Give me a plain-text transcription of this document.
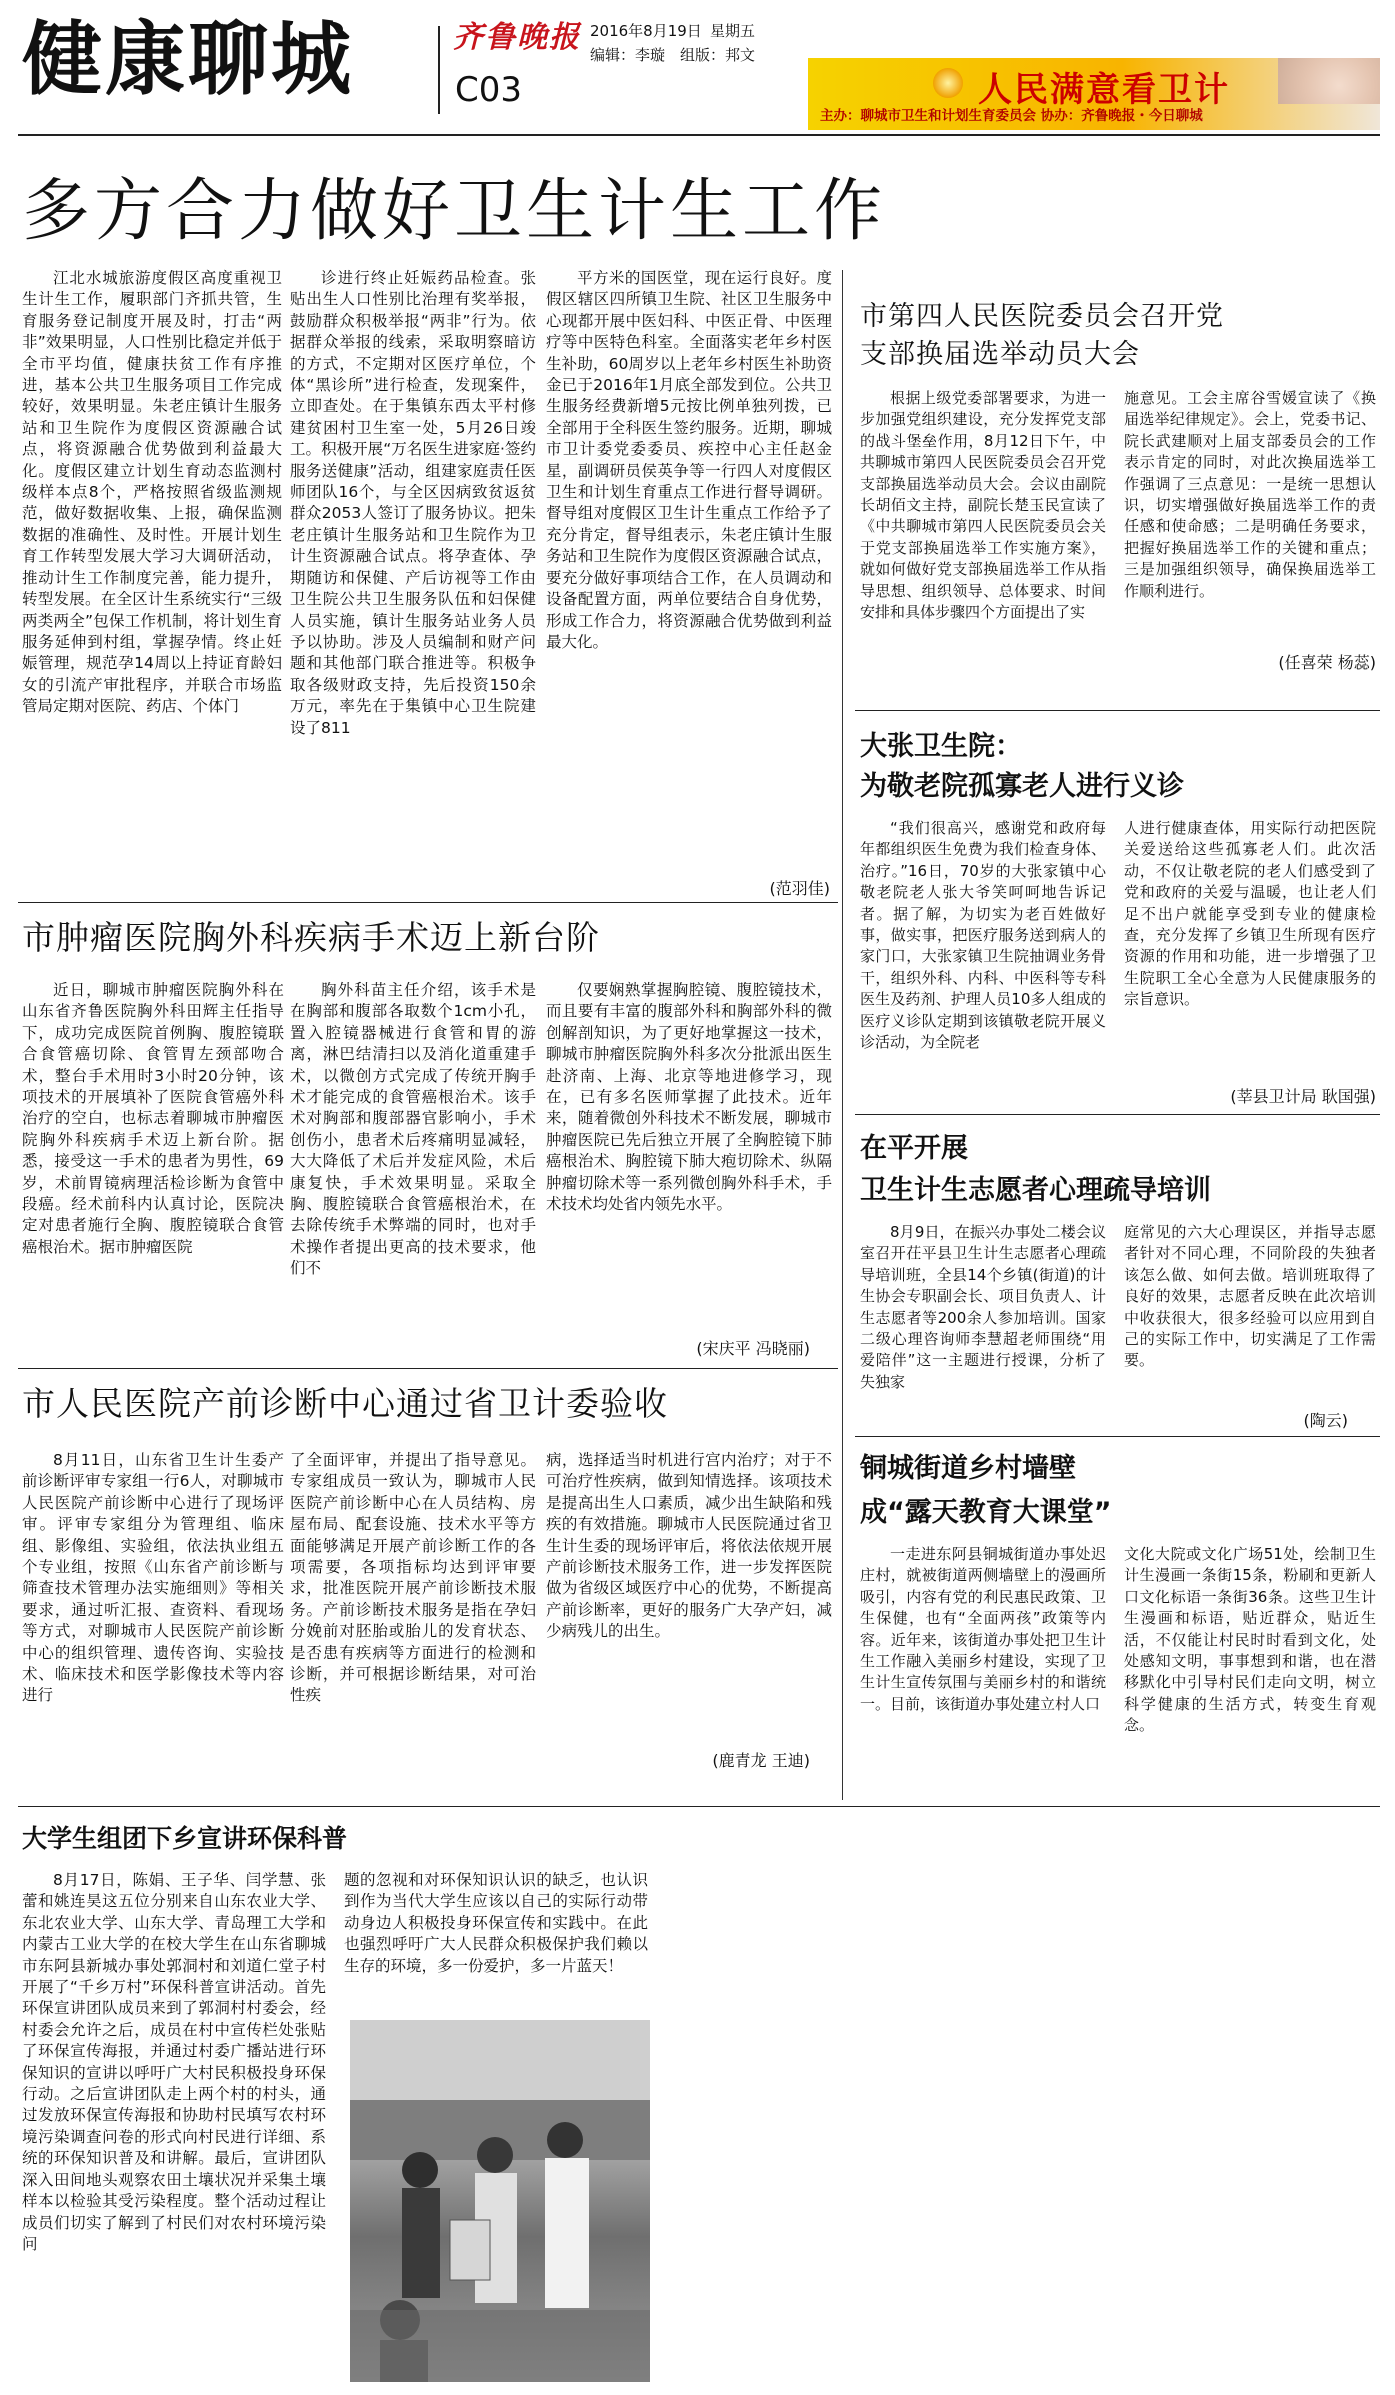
健康聊城	齐鲁晚报 2016年8月19日 星期五
编辑：李璇 组版：邦文
C03	人民满意看卫计
主办：聊城市卫生和计划生育委员会 协办：齐鲁晚报・今日聊城
多方合力做好卫生计生工作
江北水城旅游度假区高度重视卫生计生工作，履职部门齐抓共管，生育服务登记制度开展及时，打击“两非”效果明显，人口性别比稳定并低于全市平均值，健康扶贫工作有序推进，基本公共卫生服务项目工作完成较好，效果明显。朱老庄镇计生服务站和卫生院作为度假区资源融合试点，将资源融合优势做到利益最大化。度假区建立计划生育动态监测村级样本点8个，严格按照省级监测规范，做好数据收集、上报，确保监测数据的准确性、及时性。开展计划生育工作转型发展大学习大调研活动，推动计生工作制度完善，能力提升，转型发展。在全区计生系统实行“三级两类两全”包保工作机制，将计划生育服务延伸到村组，掌握孕情。终止妊娠管理，规范孕14周以上持证育龄妇女的引流产审批程序，并联合市场监管局定期对医院、药店、个体门
诊进行终止妊娠药品检查。张贴出生人口性别比治理有奖举报，鼓励群众积极举报“两非”行为。依据群众举报的线索，采取明察暗访的方式，不定期对区医疗单位，个体“黑诊所”进行检查，发现案件，立即查处。在于集镇东西太平村修建贫困村卫生室一处，5月26日竣工。积极开展“万名医生进家庭·签约服务送健康”活动，组建家庭责任医师团队16个，与全区因病致贫返贫群众2053人签订了服务协议。把朱老庄镇计生服务站和卫生院作为卫计生资源融合试点。将孕查体、孕期随访和保健、产后访视等工作由卫生院公共卫生服务队伍和妇保健人员实施，镇计生服务站业务人员予以协助。涉及人员编制和财产问题和其他部门联合推进等。积极争取各级财政支持，先后投资150余万元，率先在于集镇中心卫生院建设了811
平方米的国医堂，现在运行良好。度假区辖区四所镇卫生院、社区卫生服务中心现都开展中医妇科、中医正骨、中医理疗等中医特色科室。全面落实老年乡村医生补助，60周岁以上老年乡村医生补助资金已于2016年1月底全部发到位。公共卫生服务经费新增5元按比例单独列拨，已全部用于全科医生签约服务。近期，聊城市卫计委党委委员、疾控中心主任赵金星，副调研员侯英争等一行四人对度假区卫生和计划生育重点工作进行督导调研。督导组对度假区卫生计生重点工作给予了充分肯定，督导组表示，朱老庄镇计生服务站和卫生院作为度假区资源融合试点，要充分做好事项结合工作，在人员调动和设备配置方面，两单位要结合自身优势，形成工作合力，将资源融合优势做到利益最大化。
(范羽佳)
市第四人民医院委员会召开党支部换届选举动员大会
根据上级党委部署要求，为进一步加强党组织建设，充分发挥党支部的战斗堡垒作用，8月12日下午，中共聊城市第四人民医院委员会召开党支部换届选举动员大会。会议由副院长胡佰文主持，副院长楚玉民宣读了《中共聊城市第四人民医院委员会关于党支部换届选举工作实施方案》，就如何做好党支部换届选举工作从指导思想、组织领导、总体要求、时间安排和具体步骤四个方面提出了实
施意见。工会主席谷雪媛宣读了《换届选举纪律规定》。会上，党委书记、院长武建顺对上届支部委员会的工作表示肯定的同时，对此次换届选举工作强调了三点意见：一是统一思想认识，切实增强做好换届选举工作的责任感和使命感；二是明确任务要求，把握好换届选举工作的关键和重点；三是加强组织领导，确保换届选举工作顺利进行。
(任喜荣 杨蕊)
大张卫生院：
为敬老院孤寡老人进行义诊
“我们很高兴，感谢党和政府每年都组织医生免费为我们检查身体、治疗。”16日，70岁的大张家镇中心敬老院老人张大爷笑呵呵地告诉记者。据了解，为切实为老百姓做好事，做实事，把医疗服务送到病人的家门口，大张家镇卫生院抽调业务骨干，组织外科、内科、中医科等专科医生及药剂、护理人员10多人组成的医疗义诊队定期到该镇敬老院开展义诊活动，为全院老
人进行健康查体，用实际行动把医院关爱送给这些孤寡老人们。此次活动，不仅让敬老院的老人们感受到了党和政府的关爱与温暖，也让老人们足不出户就能享受到专业的健康检查，充分发挥了乡镇卫生所现有医疗资源的作用和功能，进一步增强了卫生院职工全心全意为人民健康服务的宗旨意识。
(莘县卫计局 耿国强)
在平开展
卫生计生志愿者心理疏导培训
8月9日，在振兴办事处二楼会议室召开茌平县卫生计生志愿者心理疏导培训班，全县14个乡镇(街道)的计生协会专职副会长、项目负责人、计生志愿者等200余人参加培训。国家二级心理咨询师李慧超老师围绕“用爱陪伴”这一主题进行授课，分析了失独家
庭常见的六大心理误区，并指导志愿者针对不同心理，不同阶段的失独者该怎么做、如何去做。培训班取得了良好的效果，志愿者反映在此次培训中收获很大，很多经验可以应用到自己的实际工作中，切实满足了工作需要。
(陶云)
铜城街道乡村墙壁
成“露天教育大课堂”
一走进东阿县铜城街道办事处迟庄村，就被街道两侧墙壁上的漫画所吸引，内容有党的利民惠民政策、卫生保健，也有“全面两孩”政策等内容。近年来，该街道办事处把卫生计生工作融入美丽乡村建设，实现了卫生计生宣传氛围与美丽乡村的和谐统一。目前，该街道办事处建立村人口
文化大院或文化广场51处，绘制卫生计生漫画一条街15条，粉刷和更新人口文化标语一条街36条。这些卫生计生漫画和标语，贴近群众，贴近生活，不仅能让村民时时看到文化，处处感知文明，事事想到和谐，也在潜移默化中引导村民们走向文明，树立科学健康的生活方式，转变生育观念。
市肿瘤医院胸外科疾病手术迈上新台阶
近日，聊城市肿瘤医院胸外科在山东省齐鲁医院胸外科田辉主任指导下，成功完成医院首例胸、腹腔镜联合食管癌切除、食管胃左颈部吻合术，整台手术用时3小时20分钟，该项技术的开展填补了医院食管癌外科治疗的空白，也标志着聊城市肿瘤医院胸外科疾病手术迈上新台阶。据悉，接受这一手术的患者为男性，69岁，术前胃镜病理活检诊断为食管中段癌。经术前科内认真讨论，医院决定对患者施行全胸、腹腔镜联合食管癌根治术。据市肿瘤医院
胸外科苗主任介绍，该手术是在胸部和腹部各取数个1cm小孔，置入腔镜器械进行食管和胃的游离，淋巴结清扫以及消化道重建手术，以微创方式完成了传统开胸手术才能完成的食管癌根治术。该手术对胸部和腹部器官影响小，手术创伤小，患者术后疼痛明显减轻，大大降低了术后并发症风险，术后康复快，手术效果明显。采取全胸、腹腔镜联合食管癌根治术，在去除传统手术弊端的同时，也对手术操作者提出更高的技术要求，他们不
仅要娴熟掌握胸腔镜、腹腔镜技术，而且要有丰富的腹部外科和胸部外科的微创解剖知识，为了更好地掌握这一技术，聊城市肿瘤医院胸外科多次分批派出医生赴济南、上海、北京等地进修学习，现在，已有多名医师掌握了此技术。近年来，随着微创外科技术不断发展，聊城市肿瘤医院已先后独立开展了全胸腔镜下肺癌根治术、胸腔镜下肺大疱切除术、纵隔肿瘤切除术等一系列微创胸外科手术，手术技术均处省内领先水平。
(宋庆平 冯晓丽)
市人民医院产前诊断中心通过省卫计委验收
8月11日，山东省卫生计生委产前诊断评审专家组一行6人，对聊城市人民医院产前诊断中心进行了现场评审。评审专家组分为管理组、临床组、影像组、实验组，依法执业组五个专业组，按照《山东省产前诊断与筛查技术管理办法实施细则》等相关要求，通过听汇报、查资料、看现场等方式，对聊城市人民医院产前诊断中心的组织管理、遗传咨询、实验技术、临床技术和医学影像技术等内容进行
了全面评审，并提出了指导意见。专家组成员一致认为，聊城市人民医院产前诊断中心在人员结构、房屋布局、配套设施、技术水平等方面能够满足开展产前诊断工作的各项需要，各项指标均达到评审要求，批准医院开展产前诊断技术服务。产前诊断技术服务是指在孕妇分娩前对胚胎或胎儿的发育状态、是否患有疾病等方面进行的检测和诊断，并可根据诊断结果，对可治性疾
病，选择适当时机进行宫内治疗；对于不可治疗性疾病，做到知情选择。该项技术是提高出生人口素质，减少出生缺陷和残疾的有效措施。聊城市人民医院通过省卫生计生委的现场评审后，将依法依规开展产前诊断技术服务工作，进一步发挥医院做为省级区域医疗中心的优势，不断提高产前诊断率，更好的服务广大孕产妇，减少病残儿的出生。
(鹿青龙 王迪)
大学生组团下乡宣讲环保科普
8月17日，陈娟、王子华、闫学慧、张蕾和姚连昊这五位分别来自山东农业大学、东北农业大学、山东大学、青岛理工大学和内蒙古工业大学的在校大学生在山东省聊城市东阿县新城办事处郭洞村和刘道仁堂子村开展了“千乡万村”环保科普宣讲活动。首先环保宣讲团队成员来到了郭洞村村委会，经村委会允许之后，成员在村中宣传栏处张贴了环保宣传海报，并通过村委广播站进行环保知识的宣讲以呼吁广大村民积极投身环保行动。之后宣讲团队走上两个村的村头，通过发放环保宣传海报和协助村民填写农村环境污染调查问卷的形式向村民进行详细、系统的环保知识普及和讲解。最后，宣讲团队深入田间地头观察农田土壤状况并采集土壤样本以检验其受污染程度。整个活动过程让成员们切实了解到了村民们对农村环境污染问
题的忽视和对环保知识认识的缺乏，也认识到作为当代大学生应该以自己的实际行动带动身边人积极投身环保宣传和实践中。在此也强烈呼吁广大人民群众积极保护我们赖以生存的环境，多一份爱护，多一片蓝天！
